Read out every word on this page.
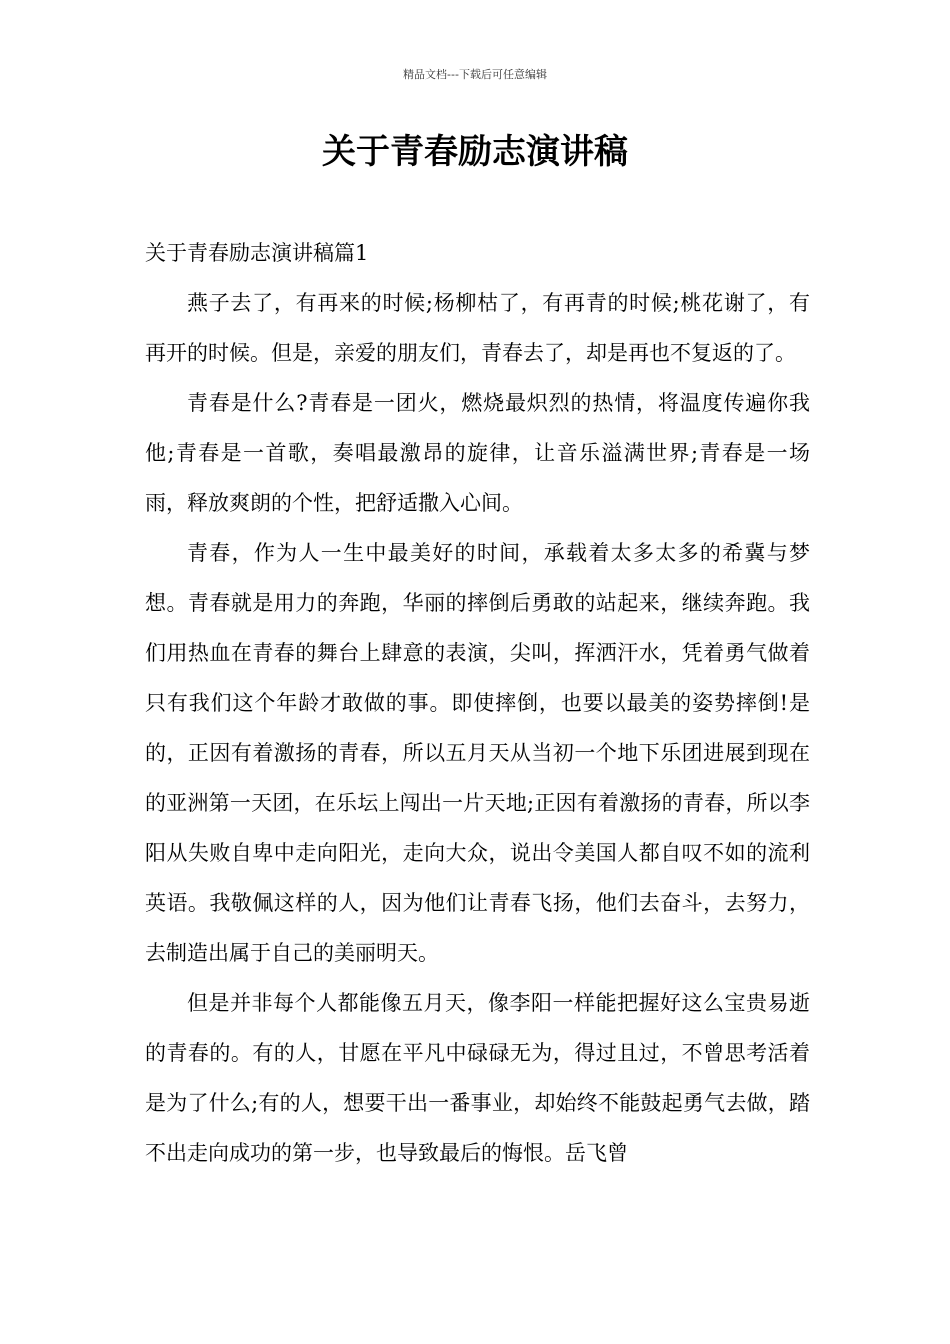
精品文档---下载后可任意编辑
关于青春励志演讲稿

关于青春励志演讲稿篇1

燕子去了，有再来的时候;杨柳枯了，有再青的时候;桃花谢了，有再开的时候。但是，亲爱的朋友们，青春去了，却是再也不复返的了。

青春是什么?青春是一团火，燃烧最炽烈的热情，将温度传遍你我他;青春是一首歌，奏唱最激昂的旋律，让音乐溢满世界;青春是一场雨，释放爽朗的个性，把舒适撒入心间。

青春，作为人一生中最美好的时间，承载着太多太多的希冀与梦想。青春就是用力的奔跑，华丽的摔倒后勇敢的站起来，继续奔跑。我们用热血在青春的舞台上肆意的表演，尖叫，挥洒汗水，凭着勇气做着只有我们这个年龄才敢做的事。即使摔倒，也要以最美的姿势摔倒!是的，正因有着激扬的青春，所以五月天从当初一个地下乐团进展到现在的亚洲第一天团，在乐坛上闯出一片天地;正因有着激扬的青春，所以李阳从失败自卑中走向阳光，走向大众，说出令美国人都自叹不如的流利英语。我敬佩这样的人，因为他们让青春飞扬，他们去奋斗，去努力，去制造出属于自己的美丽明天。

但是并非每个人都能像五月天，像李阳一样能把握好这么宝贵易逝的青春的。有的人，甘愿在平凡中碌碌无为，得过且过，不曾思考活着是为了什么;有的人，想要干出一番事业，却始终不能鼓起勇气去做，踏不出走向成功的第一步，也导致最后的悔恨。岳飞曾
